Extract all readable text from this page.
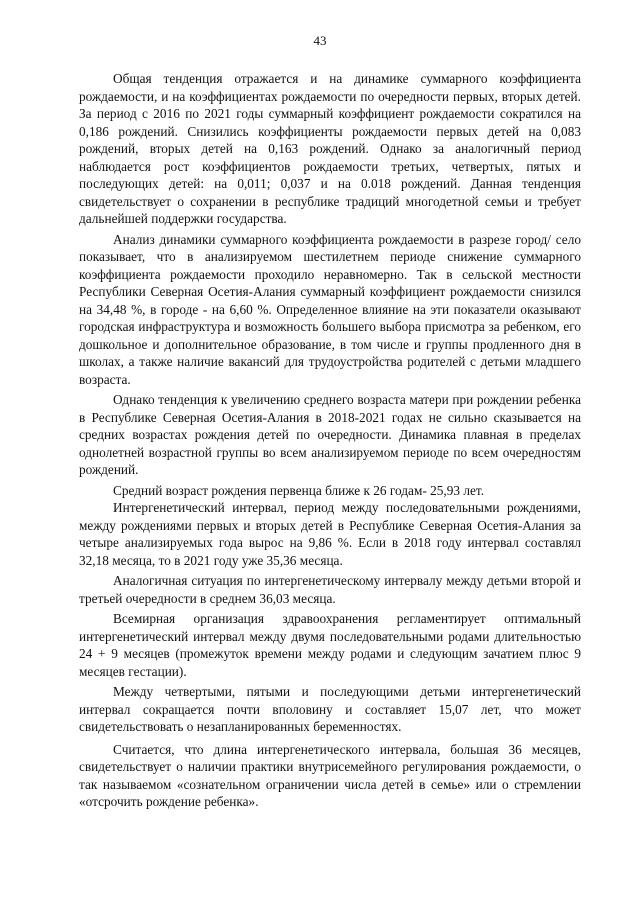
43

Общая тенденция отражается и на динамике суммарного коэффициента рождаемости, и на коэффициентах рождаемости по очередности первых, вторых детей. За период с 2016 по 2021 годы суммарный коэффициент рождаемости сократился на 0,186 рождений. Снизились коэффициенты рождаемости первых детей на 0,083 рождений, вторых детей на 0,163 рождений. Однако за аналогичный период наблюдается рост коэффициентов рождаемости третьих, четвертых, пятых и последующих детей: на 0,011; 0,037 и на 0.018 рождений. Данная тенденция свидетельствует о сохранении в республике традиций многодетной семьи и требует дальнейшей поддержки государства.

Анализ динамики суммарного коэффициента рождаемости в разрезе город/ село показывает, что в анализируемом шестилетнем периоде снижение суммарного коэффициента рождаемости проходило неравномерно. Так в сельской местности Республики Северная Осетия-Алания суммарный коэффициент рождаемости снизился на 34,48 %, в городе - на 6,60 %. Определенное влияние на эти показатели оказывают городская инфраструктура и возможность большего выбора присмотра за ребенком, его дошкольное и дополнительное образование, в том числе и группы продленного дня в школах, а также наличие вакансий для трудоустройства родителей с детьми младшего возраста.

Однако тенденция к увеличению среднего возраста матери при рождении ребенка в Республике Северная Осетия-Алания в 2018-2021 годах не сильно сказывается на средних возрастах рождения детей по очередности. Динамика плавная в пределах однолетней возрастной группы во всем анализируемом периоде по всем очередностям рождений.

Средний возраст рождения первенца ближе к 26 годам- 25,93 лет.

Интергенетический интервал, период между последовательными рождениями, между рождениями первых и вторых детей в Республике Северная Осетия-Алания за четыре анализируемых года вырос на 9,86 %. Если в 2018 году интервал составлял 32,18 месяца, то в 2021 году уже 35,36 месяца.

Аналогичная ситуация по интергенетическому интервалу между детьми второй и третьей очередности в среднем 36,03 месяца.

Всемирная организация здравоохранения регламентирует оптимальный интергенетический интервал между двумя последовательными родами длительностью 24 + 9 месяцев (промежуток времени между родами и следующим зачатием плюс 9 месяцев гестации).

Между четвертыми, пятыми и последующими детьми интергенетический интервал сокращается почти вполовину и составляет 15,07 лет, что может свидетельствовать о незапланированных беременностях.

Считается, что длина интергенетического интервала, большая 36 месяцев, свидетельствует о наличии практики внутрисемейного регулирования рождаемости, о так называемом «сознательном ограничении числа детей в семье» или о стремлении «отсрочить рождение ребенка».
